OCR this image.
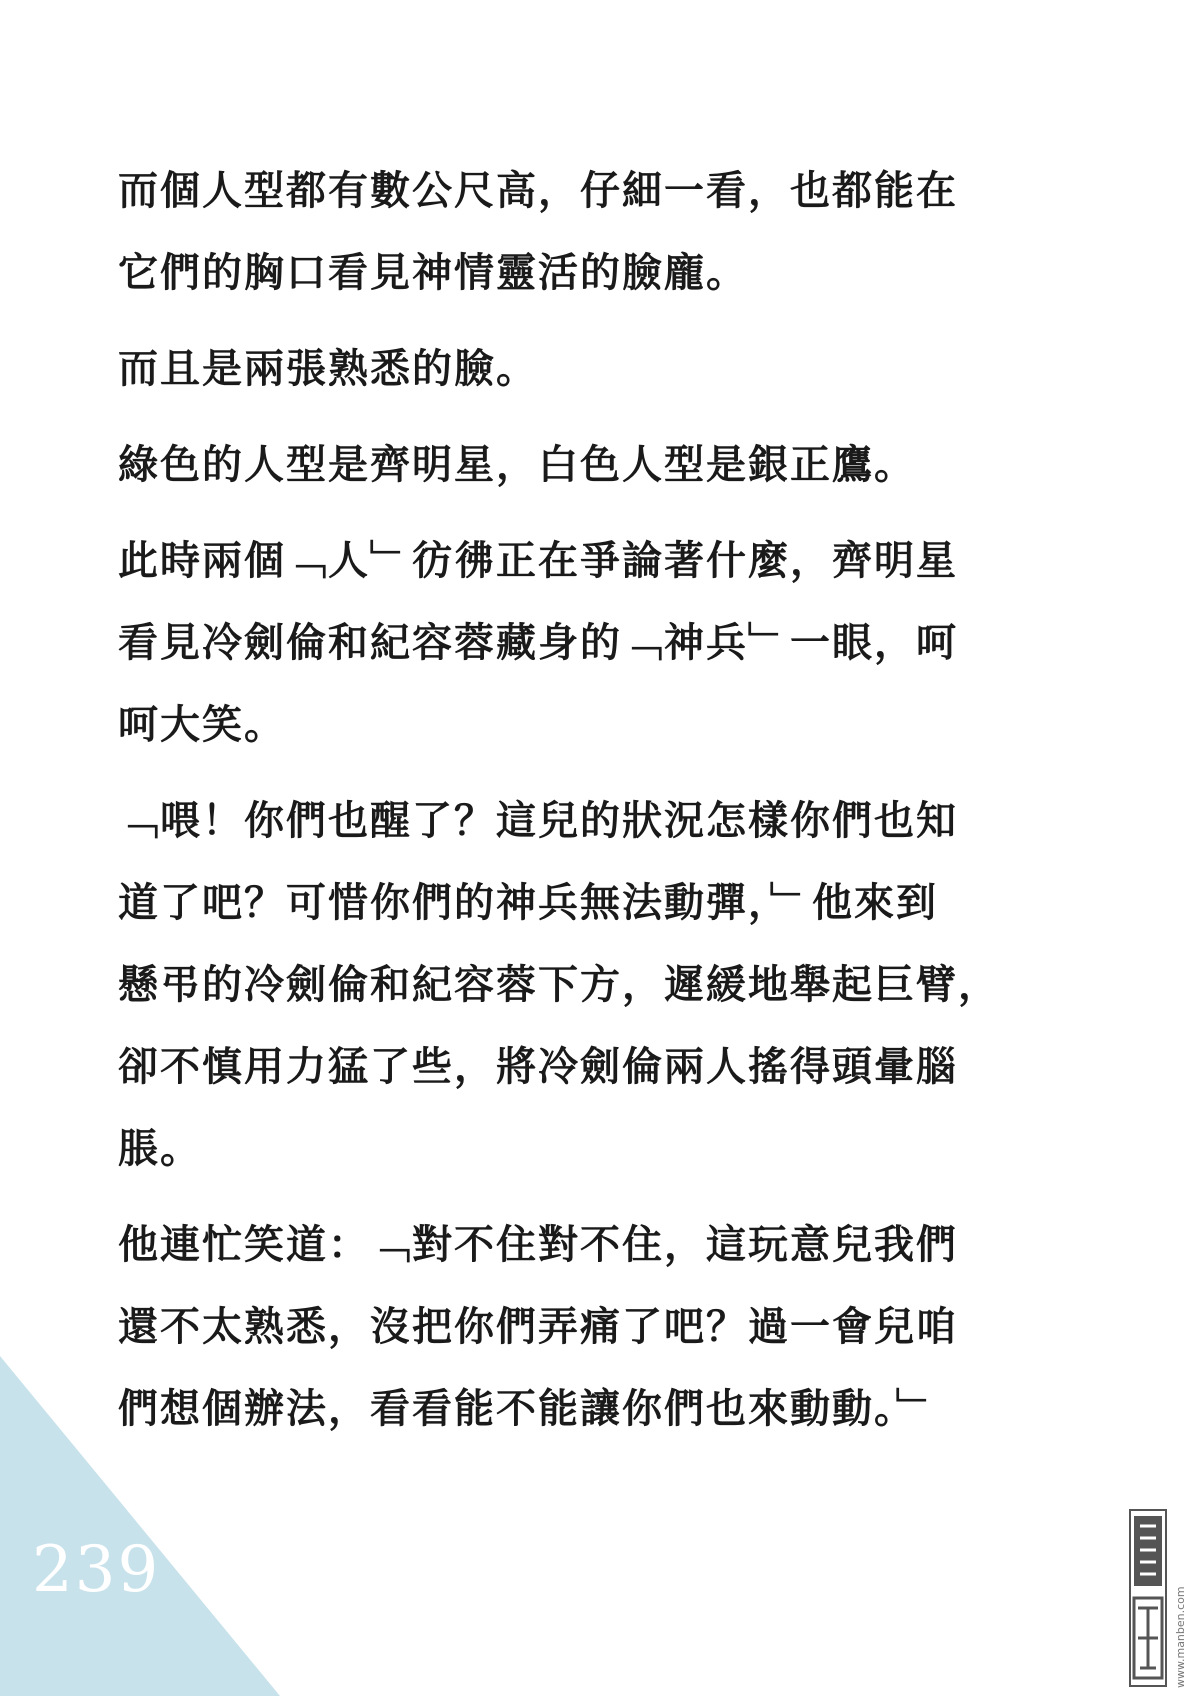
而個人型都有數公尺高，仔細一看，也都能在
它們的胸口看見神情靈活的臉龐。

而且是兩張熟悉的臉。

綠色的人型是齊明星，白色人型是銀正鷹。

此時兩個﹁人﹂彷彿正在爭論著什麼，齊明星
看見冷劍倫和紀容蓉藏身的﹁神兵﹂一眼，呵
呵大笑。

﹁喂！你們也醒了？這兒的狀況怎樣你們也知
道了吧？可惜你們的神兵無法動彈，﹂他來到
懸弔的冷劍倫和紀容蓉下方，遲緩地舉起巨臂，
卻不慎用力猛了些，將冷劍倫兩人搖得頭暈腦
脹。

他連忙笑道：﹁對不住對不住，這玩意兒我們
還不太熟悉，沒把你們弄痛了吧？過一會兒咱
們想個辦法，看看能不能讓你們也來動動。﹂

239
www.manben.com
